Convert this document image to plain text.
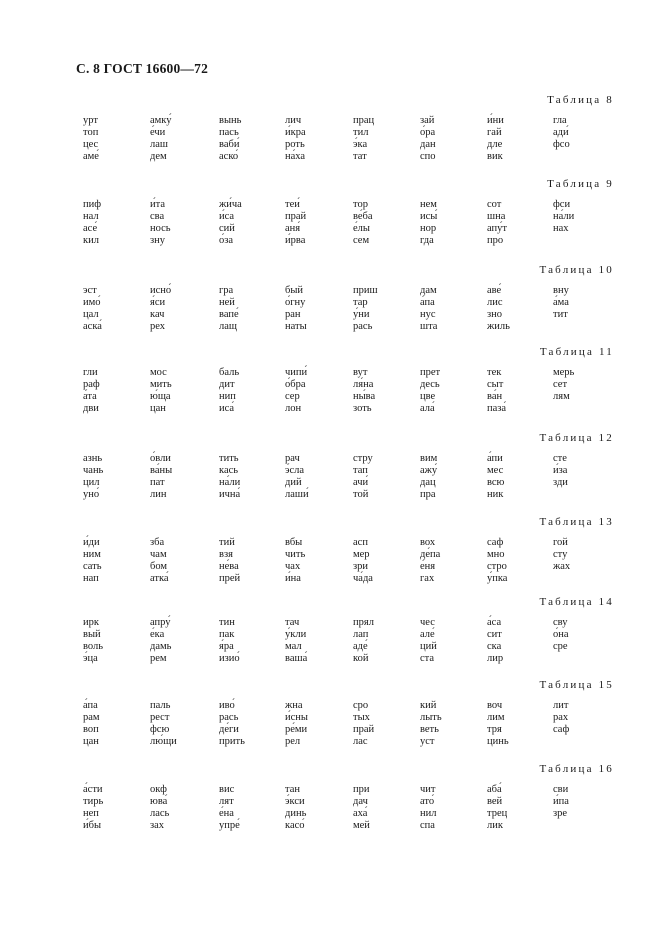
С. 8 ГОСТ 16600—72
Таблица 8
урт
топ
цес
аме́
амку́
е́чи
лаш
дем
вынь
пась
ваби́
аско́
лич
и́кра
роть
на́ха
прац
тил
э́ка
тат
зай
о́ра
дан
спо
и́ни
гай
дле
вик
гла
ади́
фсо
Таблица 9
пиф
нал
асе́
кил
и́та
сва
нось
зну
жи́ча
и́са
сий
о́за
теи́
прай
аня́
и́рва
тор
ве́ба
е́лы
сем
нем
исы́
нор
гда
сот
шна
апу́т
про
фси
на́ли
нах
Таблица 10
эст
имо́
цал
аска́
исно́
я́си
кач
рех
гра
ней
вапе́
лащ
бый
о́гну
ран
наты
приш
тар
у́ни
рась
дам
а́па
нус
шта
аве́
лис
зно
жиль
вну
а́ма
тит
Таблица 11
гли
раф
а́та
дви
мос
мить
ю́ща
цан
баль
дит
нип
иса́
чипи́
о́бра
сер
лон
вут
ля́на
ны́ва
зоть
прет
десь
цве
ала́
тек
сыт
ва́н
паза́
мерь
сет
лям
Таблица 12
азнь
чань
цил
уно́
о́вли
ва́ны
пат
лин
тить
кась
на́ли
ична́
рач
э́сла
дий
лаши́
стру
тап
ачи́
той
вим
ажу́
дац
пра
а́пи
мес
всю
ник
сте
и́за
зди
Таблица 13
и́ди
ним
сать
нап
зба
чам
бом
атка́
тий
взя
не́ва
прей
вбы
чить
чах
и́на
асп
мер
зри
ча́да
вох
де́па
е́ня
гах
саф
мно
стро
у́пка
гой
сту
жах
Таблица 14
ирк
вый
воль
э́ца
апру́
е́ка
дамь
рем
тин
пак
я́ра
изио́
тач
у́кли
мал
ваша́
прял
лап
аде́
кой
чес
але́
ций
ста
а́са
сит
ска
лир
сву
о́на
сре
Таблица 15
а́па
рам
воп
цан
паль
рест
фсю
лю́щи
иво́
рась
де́ги
прить
жна
и́сны
ре́ми
рел
сро
тых
прай
лас
кий
лыть
веть
уст
воч
лим
тря
цинь
лит
рах
саф
Таблица 16
а́сти
тирь
неп
и́бы
окф
юва́
лась
зах
вис
лят
е́на
упре́
тан
э́кси
динь
касо́
при
дач
аха́
мей
чит
ато́
нил
спа
аба́
вей
трец
лик
сви
и́па
зре
